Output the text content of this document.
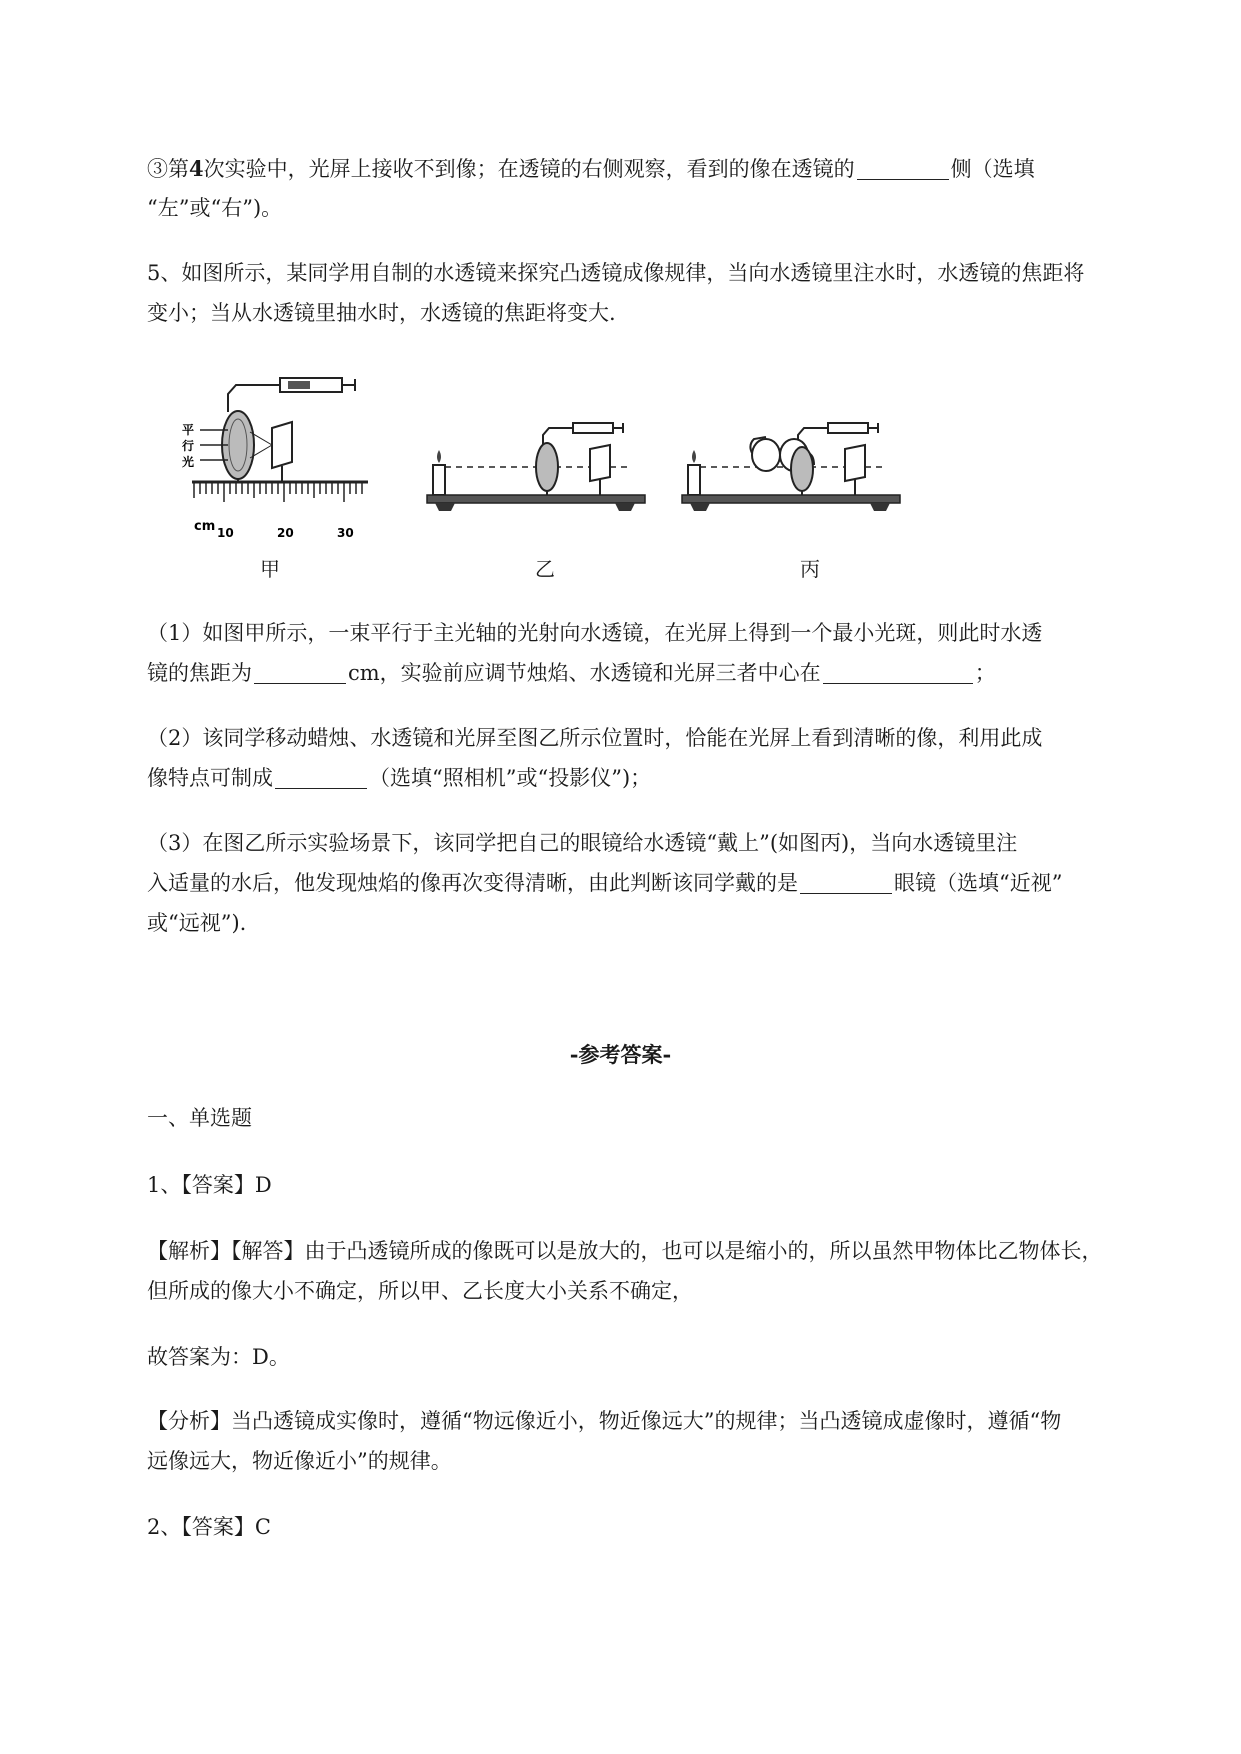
③第4次实验中，光屏上接收不到像；在透镜的右侧观察，看到的像在透镜的	侧（选填
“左”或“右”)。
5、如图所示，某同学用自制的水透镜来探究凸透镜成像规律，当向水透镜里注水时，水透镜的焦距将
变小；当从水透镜里抽水时，水透镜的焦距将变大.
cm 10	20	30
平
行
光
甲	乙	丙
（1）如图甲所示，一束平行于主光轴的光射向水透镜，在光屏上得到一个最小光斑，则此时水透
镜的焦距为	cm，实验前应调节烛焰、水透镜和光屏三者中心在	；
（2）该同学移动蜡烛、水透镜和光屏至图乙所示位置时，恰能在光屏上看到清晰的像，利用此成
像特点可制成	（选填“照相机”或“投影仪”)；
（3）在图乙所示实验场景下，该同学把自己的眼镜给水透镜“戴上”(如图丙)，当向水透镜里注
入适量的水后，他发现烛焰的像再次变得清晰，由此判断该同学戴的是	眼镜（选填“近视”
或“远视”).
-参考答案-
一、单选题
1、【答案】D
【解析】【解答】由于凸透镜所成的像既可以是放大的，也可以是缩小的，所以虽然甲物体比乙物体长，
但所成的像大小不确定，所以甲、乙长度大小关系不确定，
故答案为：D。
【分析】当凸透镜成实像时，遵循“物远像近小，物近像远大”的规律；当凸透镜成虚像时，遵循“物
远像远大，物近像近小”的规律。
2、【答案】C
